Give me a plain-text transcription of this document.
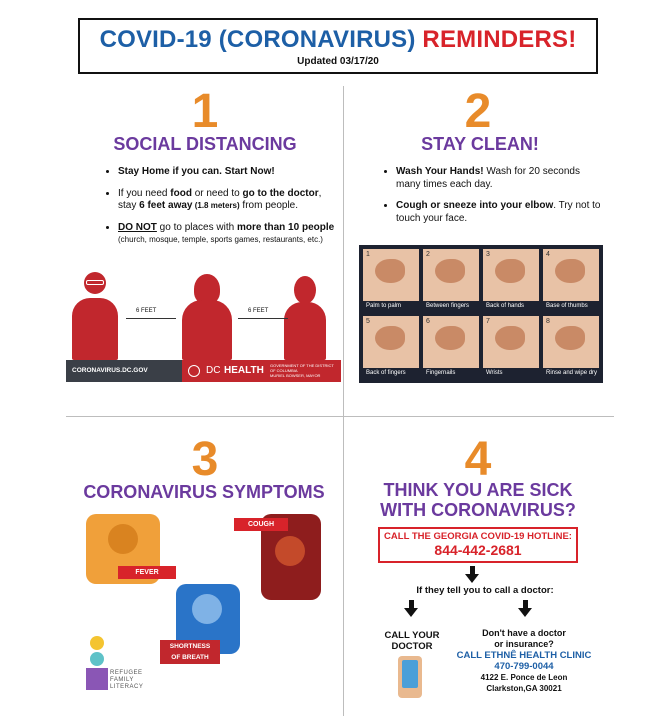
COVID-19 (CORONAVIRUS) REMINDERS!
Updated 03/17/20
1
SOCIAL DISTANCING
• Stay Home if you can. Start Now!
• If you need food or need to go to the doctor, stay 6 feet away (1.8 meters) from people.
• DO NOT go to places with more than 10 people (church, mosque, temple, sports games, restaurants, etc.)
6 FEET	6 FEET
CORONAVIRUS.DC.GOV	DC HEALTH GOVERNMENT OF THE DISTRICT OF COLUMBIA
MURIEL BOWSER, MAYOR
2
STAY CLEAN!
• Wash Your Hands! Wash for 20 seconds many times each day.
• Cough or sneeze into your elbow. Try not to touch your face.
1
Palm to palm
2
Between fingers
3
Back of hands
4
Base of thumbs
5
Back of fingers
6
Fingernails
7
Wrists
8
Rinse and wipe dry
3
CORONAVIRUS SYMPTOMS
FEVER
COUGH
SHORTNESS
OF BREATH
REFUGEE
FAMILY
LITERACY
4
THINK YOU ARE SICK
WITH CORONAVIRUS?
CALL THE GEORGIA COVID-19 HOTLINE:
844-442-2681
If they tell you to call a doctor:
CALL YOUR
DOCTOR
Don't have a doctor
or insurance?
CALL ETHNÊ HEALTH CLINIC
470-799-0044
4122 E. Ponce de Leon
Clarkston,GA 30021
